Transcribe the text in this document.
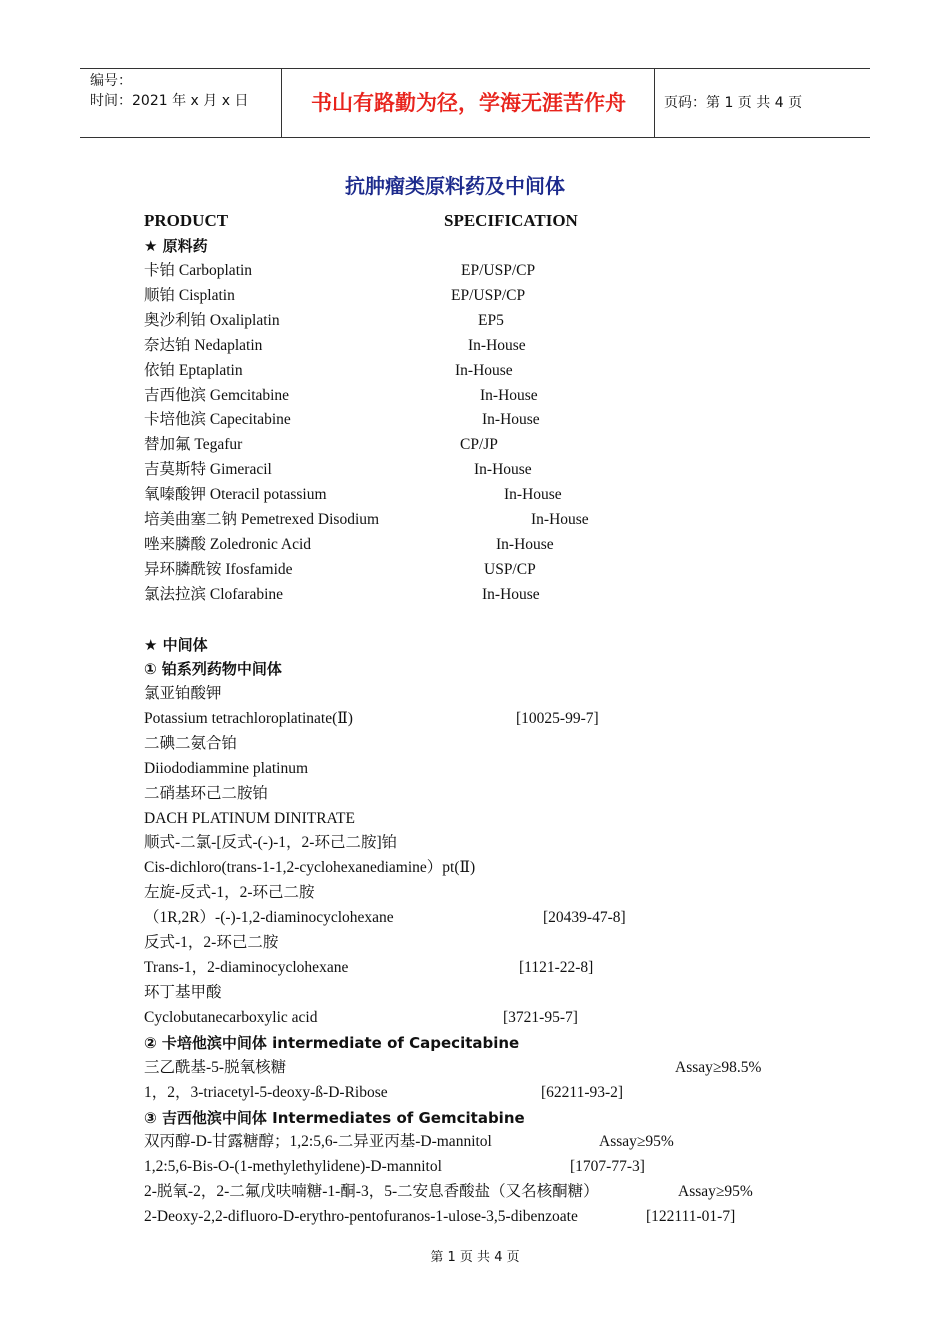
编号：
时间：2021 年 x 月 x 日	书山有路勤为径，学海无涯苦作舟	页码：第 1 页 共 4 页
抗肿瘤类原料药及中间体
PRODUCT	SPECIFICATION
★ 原料药
卡铂 Carboplatin	EP/USP/CP
顺铂 Cisplatin	EP/USP/CP
奥沙利铂 Oxaliplatin	EP5
奈达铂 Nedaplatin	In-House
依铂 Eptaplatin	In-House
吉西他滨 Gemcitabine	In-House
卡培他滨 Capecitabine	In-House
替加氟 Tegafur	CP/JP
吉莫斯特 Gimeracil	In-House
氧嗪酸钾 Oteracil potassium	In-House
培美曲塞二钠 Pemetrexed Disodium	In-House
唑来膦酸 Zoledronic Acid	In-House
异环膦酰铵 Ifosfamide	USP/CP
氯法拉滨 Clofarabine	In-House
★ 中间体
① 铂系列药物中间体
氯亚铂酸钾
Potassium tetrachloroplatinate(Ⅱ)	[10025-99-7]
二碘二氨合铂
Diiododiammine platinum
二硝基环己二胺铂
DACH PLATINUM DINITRATE
顺式-二氯-[反式-(-)-1，2-环己二胺]铂
Cis-dichloro(trans-1-1,2-cyclohexanediamine）pt(Ⅱ)
左旋-反式-1，2-环己二胺
（1R,2R）-(-)-1,2-diaminocyclohexane	[20439-47-8]
反式-1，2-环己二胺
Trans-1，2-diaminocyclohexane	[1121-22-8]
环丁基甲酸
Cyclobutanecarboxylic acid	[3721-95-7]
② 卡培他滨中间体 intermediate of Capecitabine
三乙酰基-5-脱氧核糖	Assay≥98.5%
1，2，3-triacetyl-5-deoxy-ß-D-Ribose	[62211-93-2]
③ 吉西他滨中间体 Intermediates of Gemcitabine
双丙醇-D-甘露糖醇；1,2:5,6-二异亚丙基-D-mannitol	Assay≥95%
1,2:5,6-Bis-O-(1-methylethylidene)-D-mannitol	[1707-77-3]
2-脱氧-2，2-二氟戊呋喃糖-1-酮-3，5-二安息香酸盐（又名核酮糖）	Assay≥95%
2-Deoxy-2,2-difluoro-D-erythro-pentofuranos-1-ulose-3,5-dibenzoate	[122111-01-7]
第 1 页 共 4 页
